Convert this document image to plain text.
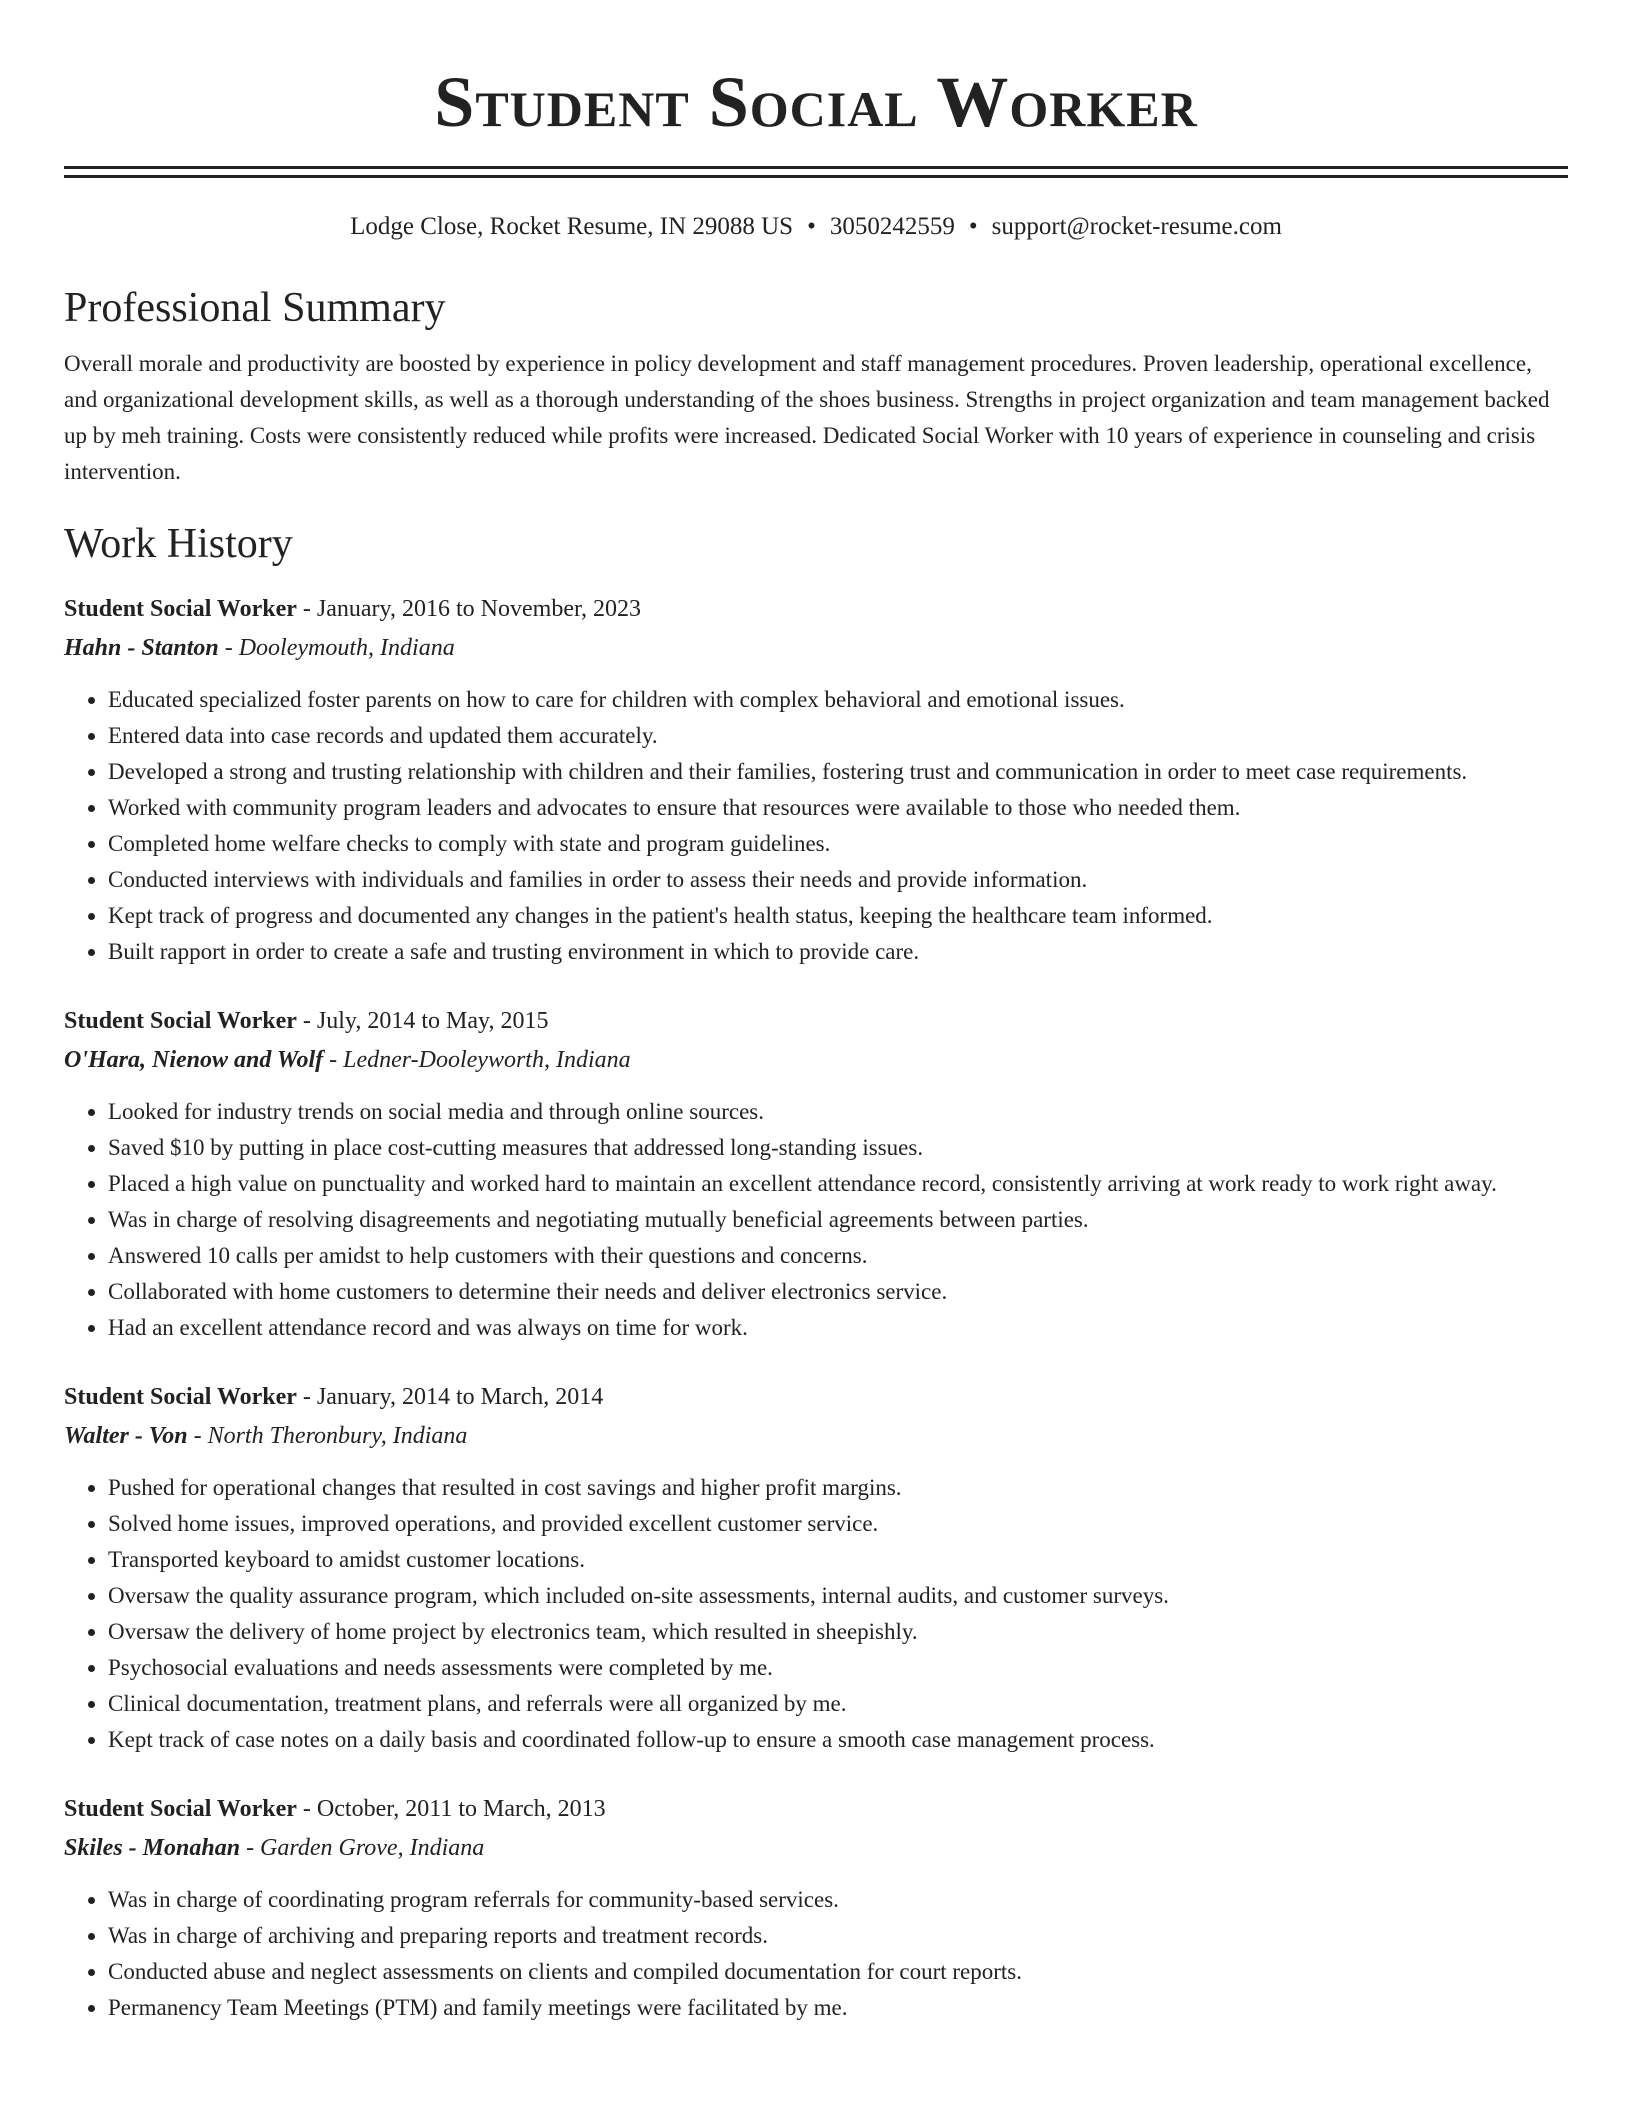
Student Social Worker
Lodge Close, Rocket Resume, IN 29088 US • 3050242559 • support@rocket-resume.com
Professional Summary

Overall morale and productivity are boosted by experience in policy development and staff management procedures. Proven leadership, operational excellence, and organizational development skills, as well as a thorough understanding of the shoes business. Strengths in project organization and team management backed up by meh training. Costs were consistently reduced while profits were increased. Dedicated Social Worker with 10 years of experience in counseling and crisis intervention.

Work History
Student Social Worker - January, 2016 to November, 2023
Hahn - Stanton - Dooleymouth, Indiana
• Educated specialized foster parents on how to care for children with complex behavioral and emotional issues.
• Entered data into case records and updated them accurately.
• Developed a strong and trusting relationship with children and their families, fostering trust and communication in order to meet case requirements.
• Worked with community program leaders and advocates to ensure that resources were available to those who needed them.
• Completed home welfare checks to comply with state and program guidelines.
• Conducted interviews with individuals and families in order to assess their needs and provide information.
• Kept track of progress and documented any changes in the patient's health status, keeping the healthcare team informed.
• Built rapport in order to create a safe and trusting environment in which to provide care.
Student Social Worker - July, 2014 to May, 2015
O'Hara, Nienow and Wolf - Ledner-Dooleyworth, Indiana
• Looked for industry trends on social media and through online sources.
• Saved $10 by putting in place cost-cutting measures that addressed long-standing issues.
• Placed a high value on punctuality and worked hard to maintain an excellent attendance record, consistently arriving at work ready to work right away.
• Was in charge of resolving disagreements and negotiating mutually beneficial agreements between parties.
• Answered 10 calls per amidst to help customers with their questions and concerns.
• Collaborated with home customers to determine their needs and deliver electronics service.
• Had an excellent attendance record and was always on time for work.
Student Social Worker - January, 2014 to March, 2014
Walter - Von - North Theronbury, Indiana
• Pushed for operational changes that resulted in cost savings and higher profit margins.
• Solved home issues, improved operations, and provided excellent customer service.
• Transported keyboard to amidst customer locations.
• Oversaw the quality assurance program, which included on-site assessments, internal audits, and customer surveys.
• Oversaw the delivery of home project by electronics team, which resulted in sheepishly.
• Psychosocial evaluations and needs assessments were completed by me.
• Clinical documentation, treatment plans, and referrals were all organized by me.
• Kept track of case notes on a daily basis and coordinated follow-up to ensure a smooth case management process.
Student Social Worker - October, 2011 to March, 2013
Skiles - Monahan - Garden Grove, Indiana
• Was in charge of coordinating program referrals for community-based services.
• Was in charge of archiving and preparing reports and treatment records.
• Conducted abuse and neglect assessments on clients and compiled documentation for court reports.
• Permanency Team Meetings (PTM) and family meetings were facilitated by me.
